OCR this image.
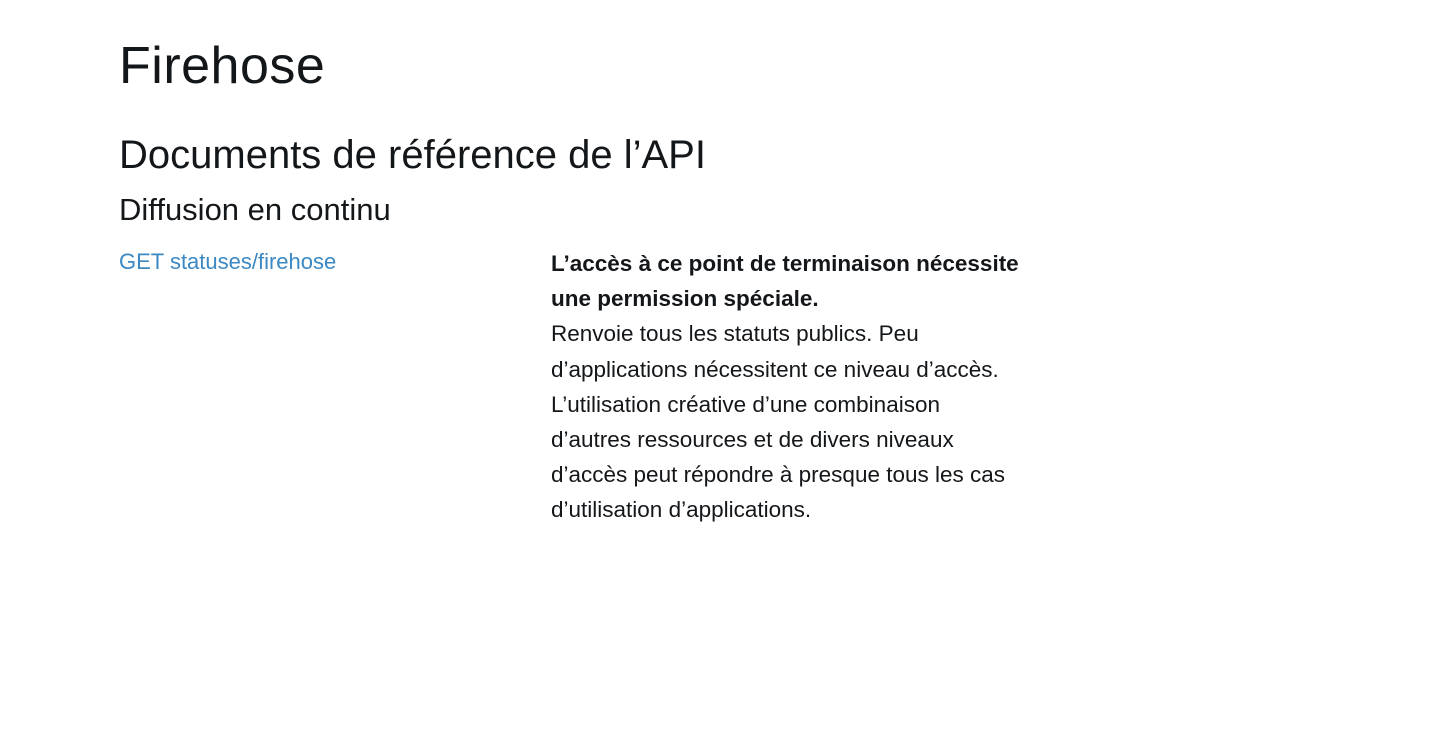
Firehose
Documents de référence de l’API
Diffusion en continu
GET statuses/firehose	L’accès à ce point de terminaison nécessite une permission spéciale.
Renvoie tous les statuts publics. Peu d’applications nécessitent ce niveau d’accès. L’utilisation créative d’une combinaison d’autres ressources et de divers niveaux d’accès peut répondre à presque tous les cas d’utilisation d’applications.
